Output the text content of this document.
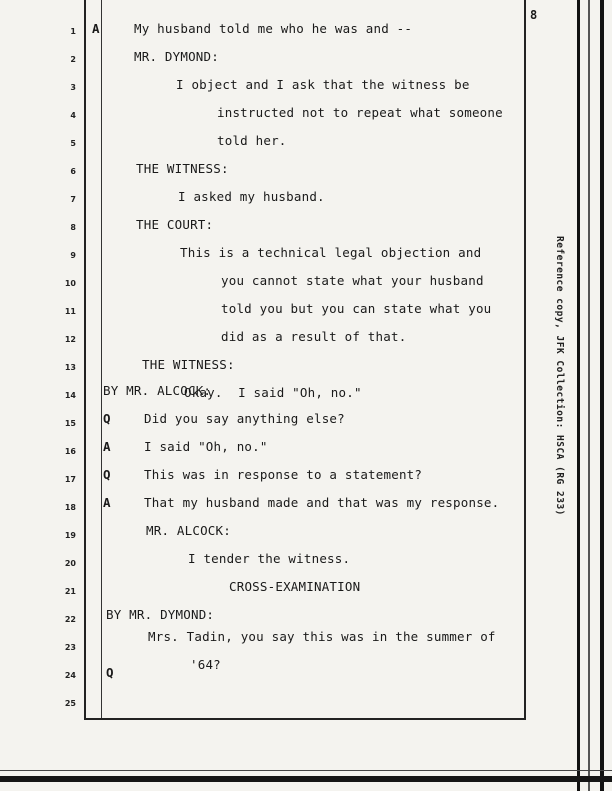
8
1
2
3
4
5
6
7
8
9
10
11
12
13
14
15
16
17
18
19
20
21
22
23
24
25
A
Q
A
Q
A
Q
My husband told me who he was and --
MR. DYMOND:
I object and I ask that the witness be
instructed not to repeat what someone
told her.
THE WITNESS:
I asked my husband.
THE COURT:
This is a technical legal objection and
you cannot state what your husband
told you but you can state what you
did as a result of that.
THE WITNESS:
Okay.  I said "Oh, no."
Did you say anything else?
I said "Oh, no."
This was in response to a statement?
That my husband made and that was my response.
MR. ALCOCK:
I tender the witness.
CROSS-EXAMINATION
BY MR. DYMOND:
Mrs. Tadin, you say this was in the summer of
'64?
Reference copy, JFK Collection: HSCA (RG 233)
BY MR. ALCOCK:
